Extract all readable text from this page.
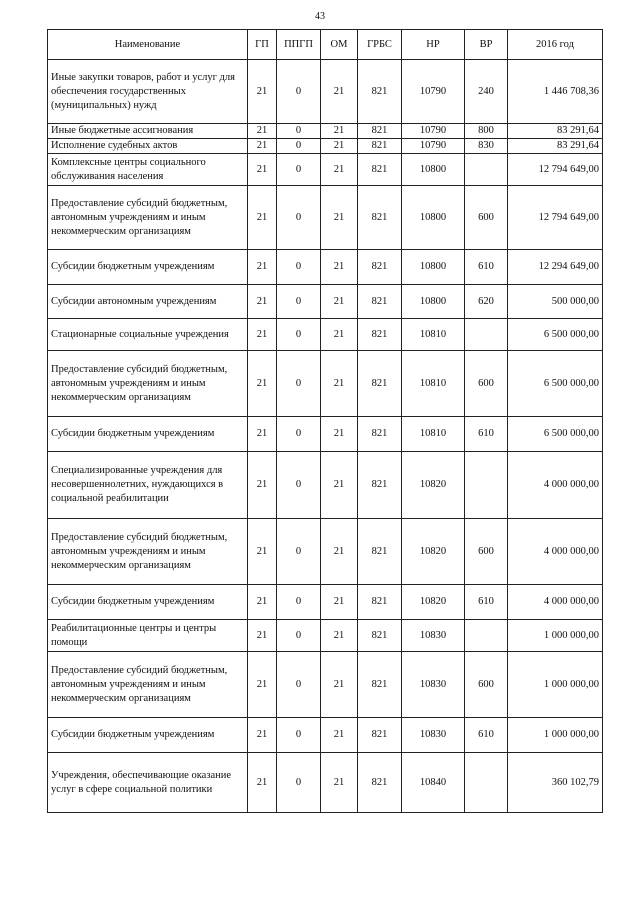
43
Наименование	ГП	ППГП	ОМ	ГРБС	НР	ВР	2016 год
Иные закупки товаров, работ и услуг для обеспечения государственных (муниципальных) нужд	21	0	21	821	10790	240	1 446 708,36
Иные бюджетные ассигнования	21	0	21	821	10790	800	83 291,64
Исполнение судебных актов	21	0	21	821	10790	830	83 291,64
Комплексные центры социального обслуживания населения	21	0	21	821	10800		12 794 649,00
Предоставление субсидий бюджетным, автономным учреждениям и иным некоммерческим организациям	21	0	21	821	10800	600	12 794 649,00
Субсидии бюджетным учреждениям	21	0	21	821	10800	610	12 294 649,00
Субсидии автономным учреждениям	21	0	21	821	10800	620	500 000,00
Стационарные социальные учреждения	21	0	21	821	10810		6 500 000,00
Предоставление субсидий бюджетным, автономным учреждениям и иным некоммерческим организациям	21	0	21	821	10810	600	6 500 000,00
Субсидии бюджетным учреждениям	21	0	21	821	10810	610	6 500 000,00
Специализированные учреждения для несовершеннолетних, нуждающихся в социальной реабилитации	21	0	21	821	10820		4 000 000,00
Предоставление субсидий бюджетным, автономным учреждениям и иным некоммерческим организациям	21	0	21	821	10820	600	4 000 000,00
Субсидии бюджетным учреждениям	21	0	21	821	10820	610	4 000 000,00
Реабилитационные центры и центры помощи	21	0	21	821	10830		1 000 000,00
Предоставление субсидий бюджетным, автономным учреждениям и иным некоммерческим организациям	21	0	21	821	10830	600	1 000 000,00
Субсидии бюджетным учреждениям	21	0	21	821	10830	610	1 000 000,00
Учреждения, обеспечивающие оказание услуг в сфере социальной политики	21	0	21	821	10840		360 102,79
